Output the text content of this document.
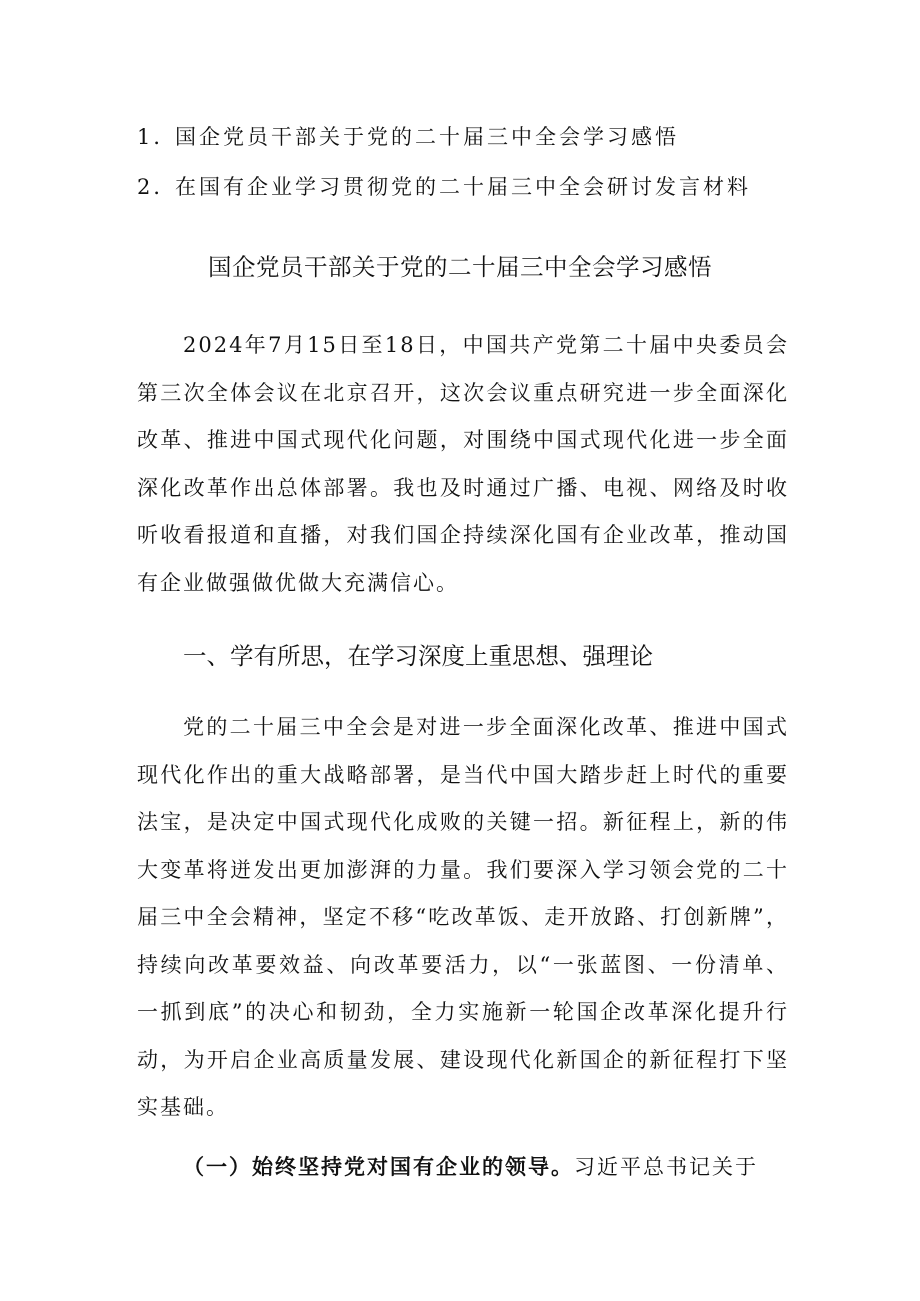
1．国企党员干部关于党的二十届三中全会学习感悟
2．在国有企业学习贯彻党的二十届三中全会研讨发言材料
国企党员干部关于党的二十届三中全会学习感悟

2024年7月15日至18日，中国共产党第二十届中央委员会第三次全体会议在北京召开，这次会议重点研究进一步全面深化改革、推进中国式现代化问题，对围绕中国式现代化进一步全面深化改革作出总体部署。我也及时通过广播、电视、网络及时收听收看报道和直播，对我们国企持续深化国有企业改革，推动国有企业做强做优做大充满信心。

一、学有所思，在学习深度上重思想、强理论

党的二十届三中全会是对进一步全面深化改革、推进中国式现代化作出的重大战略部署，是当代中国大踏步赶上时代的重要法宝，是决定中国式现代化成败的关键一招。新征程上，新的伟大变革将迸发出更加澎湃的力量。我们要深入学习领会党的二十届三中全会精神，坚定不移“吃改革饭、走开放路、打创新牌”，持续向改革要效益、向改革要活力，以“一张蓝图、一份清单、一抓到底”的决心和韧劲，全力实施新一轮国企改革深化提升行动，为开启企业高质量发展、建设现代化新国企的新征程打下坚实基础。

（一）始终坚持党对国有企业的领导。习近平总书记关于
